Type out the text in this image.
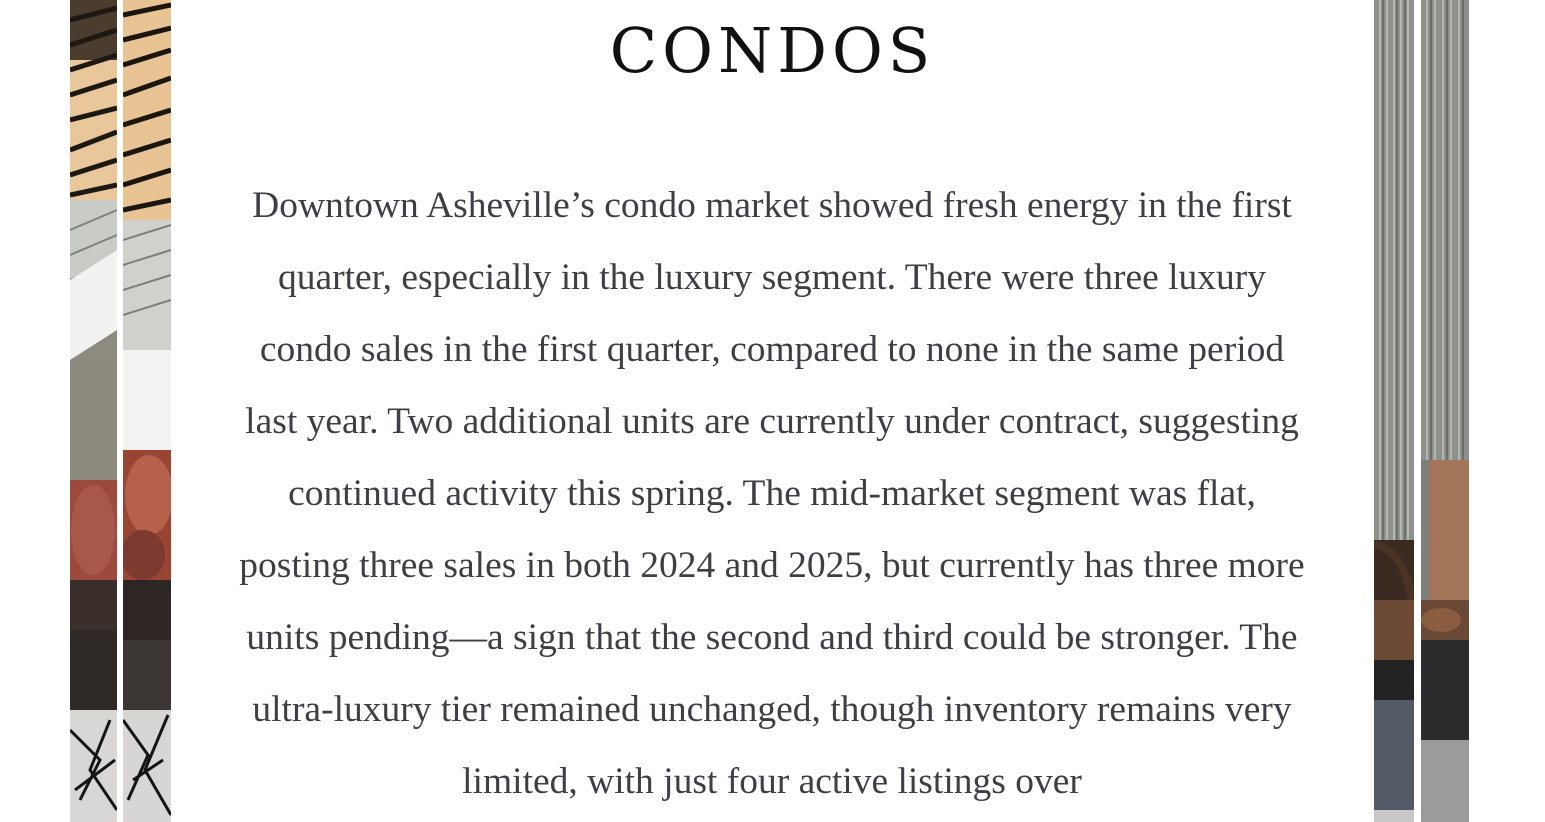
CONDOS

Downtown Asheville’s condo market showed fresh energy in the first quarter, especially in the luxury segment. There were three luxury condo sales in the first quarter, compared to none in the same period last year. Two additional units are currently under contract, suggesting continued activity this spring. The mid-market segment was flat, posting three sales in both 2024 and 2025, but currently has three more units pending—a sign that the second and third could be stronger. The ultra-luxury tier remained unchanged, though inventory remains very limited, with just four active listings over
